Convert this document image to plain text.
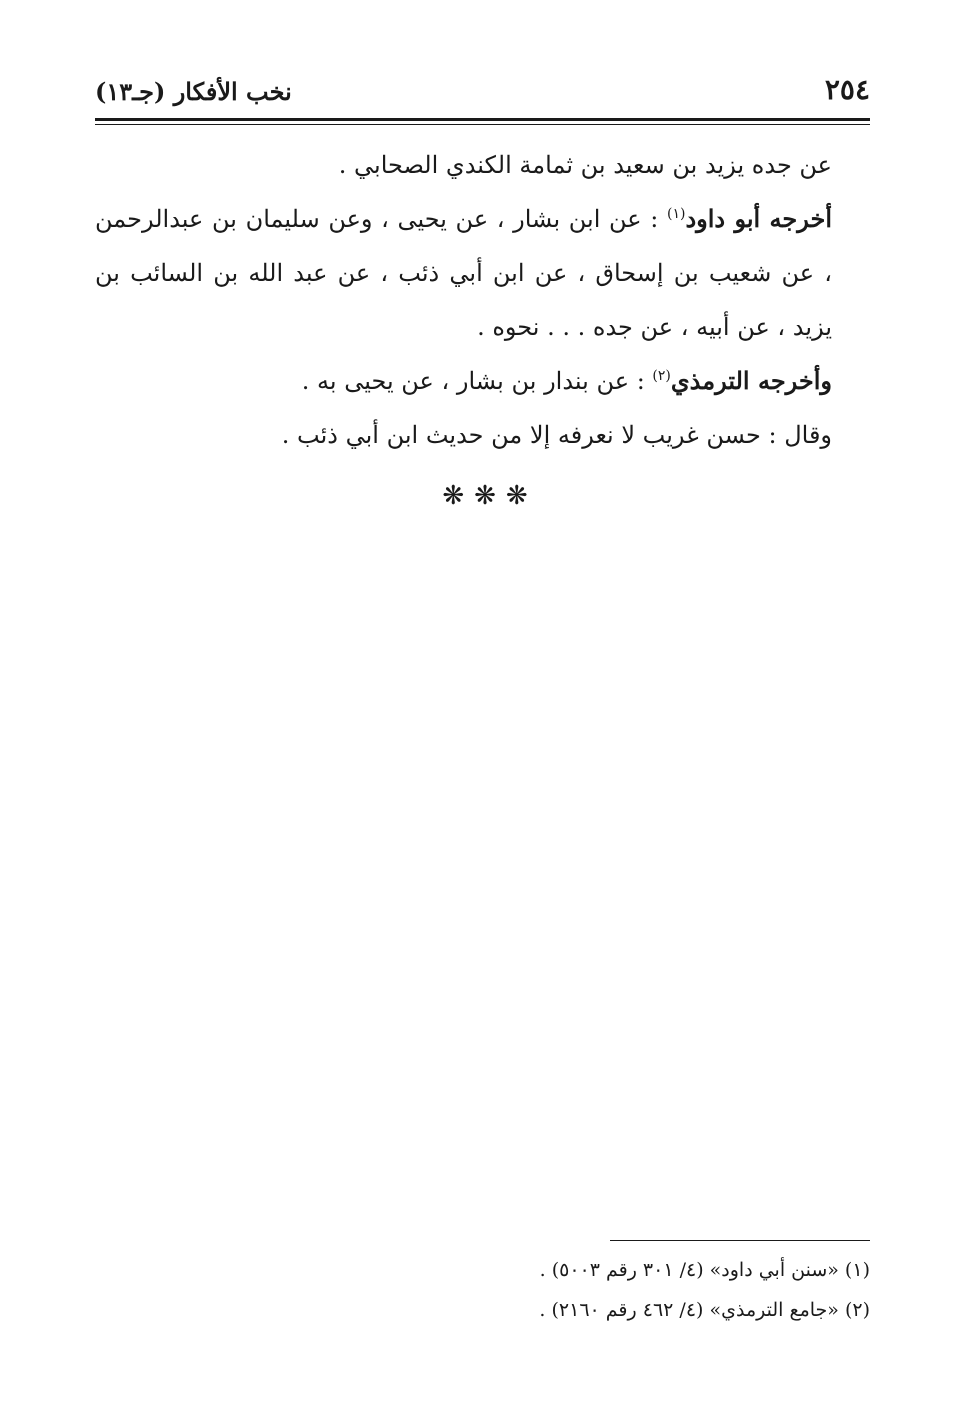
٢٥٤
نخب الأفكار (جـ١٣)

عن جده يزيد بن سعيد بن ثمامة الكندي الصحابي .

أخرجه أبو داود$^{(١)}$ : عن ابن بشار ، عن يحيى ، وعن سليمان بن عبدالرحمن ، عن شعيب بن إسحاق ، عن ابن أبي ذئب ، عن عبد الله بن السائب بن يزيد ، عن أبيه ، عن جده . . . نحوه .

وأخرجه الترمذي$^{(٢)}$ : عن بندار بن بشار ، عن يحيى به .

وقال : حسن غريب لا نعرفه إلا من حديث ابن أبي ذئب .

❋❋❋

(١) «سنن أبي داود» (٤/ ٣٠١ رقم ٥٠٠٣) .

(٢) «جامع الترمذي» (٤/ ٤٦٢ رقم ٢١٦٠) .
